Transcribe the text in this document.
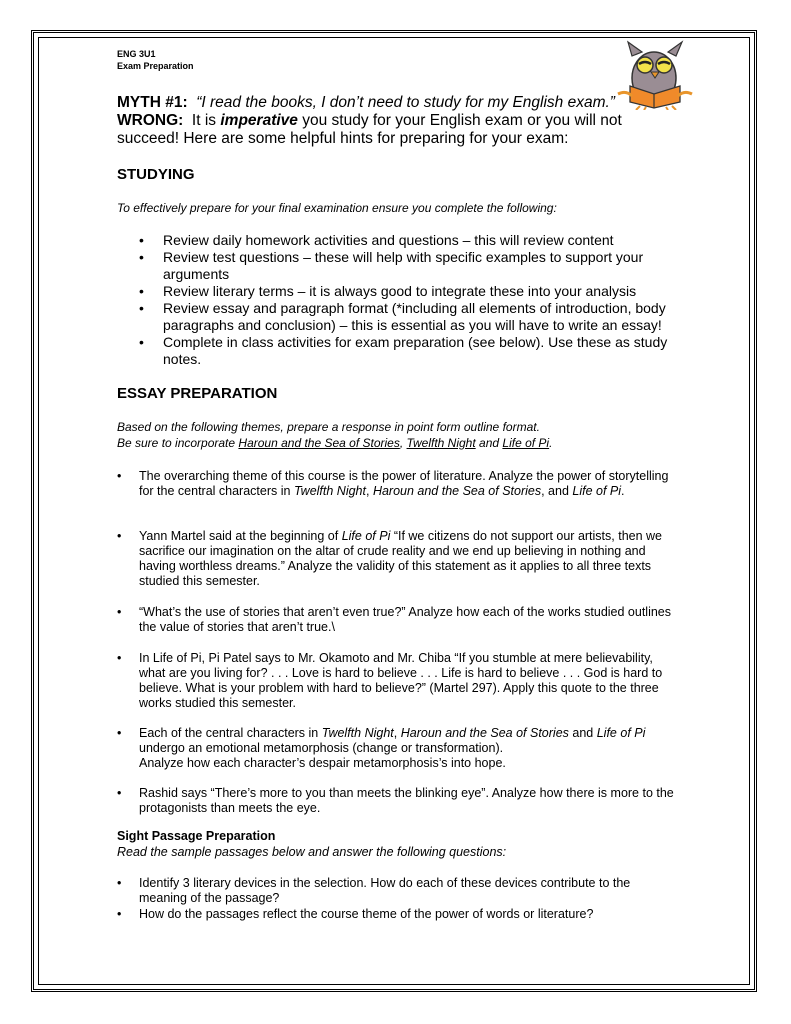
ENG 3U1
Exam Preparation
MYTH #1: “I read the books, I don’t need to study for my English exam.”
WRONG: It is imperative you study for your English exam or you will not succeed! Here are some helpful hints for preparing for your exam:
STUDYING
To effectively prepare for your final examination ensure you complete the following:
• Review daily homework activities and questions – this will review content
• Review test questions – these will help with specific examples to support your arguments
• Review literary terms – it is always good to integrate these into your analysis
• Review essay and paragraph format (*including all elements of introduction, body paragraphs and conclusion) – this is essential as you will have to write an essay!
• Complete in class activities for exam preparation (see below). Use these as study notes.
ESSAY PREPARATION
Based on the following themes, prepare a response in point form outline format.
Be sure to incorporate Haroun and the Sea of Stories, Twelfth Night and Life of Pi.
•	The overarching theme of this course is the power of literature. Analyze the power of storytelling for the central characters in Twelfth Night, Haroun and the Sea of Stories, and Life of Pi.
•	Yann Martel said at the beginning of Life of Pi “If we citizens do not support our artists, then we sacrifice our imagination on the altar of crude reality and we end up believing in nothing and having worthless dreams.” Analyze the validity of this statement as it applies to all three texts studied this semester.
•	“What’s the use of stories that aren’t even true?” Analyze how each of the works studied outlines the value of stories that aren’t true.\
•	In Life of Pi, Pi Patel says to Mr. Okamoto and Mr. Chiba “If you stumble at mere believability, what are you living for? . . . Love is hard to believe . . . Life is hard to believe . . . God is hard to believe. What is your problem with hard to believe?” (Martel 297). Apply this quote to the three works studied this semester.
•	Each of the central characters in Twelfth Night, Haroun and the Sea of Stories and Life of Pi undergo an emotional metamorphosis (change or transformation).
Analyze how each character’s despair metamorphosis’s into hope.
•	Rashid says “There’s more to you than meets the blinking eye”. Analyze how there is more to the protagonists than meets the eye.
Sight Passage Preparation
Read the sample passages below and answer the following questions:
•	Identify 3 literary devices in the selection. How do each of these devices contribute to the meaning of the passage?
•	How do the passages reflect the course theme of the power of words or literature?
